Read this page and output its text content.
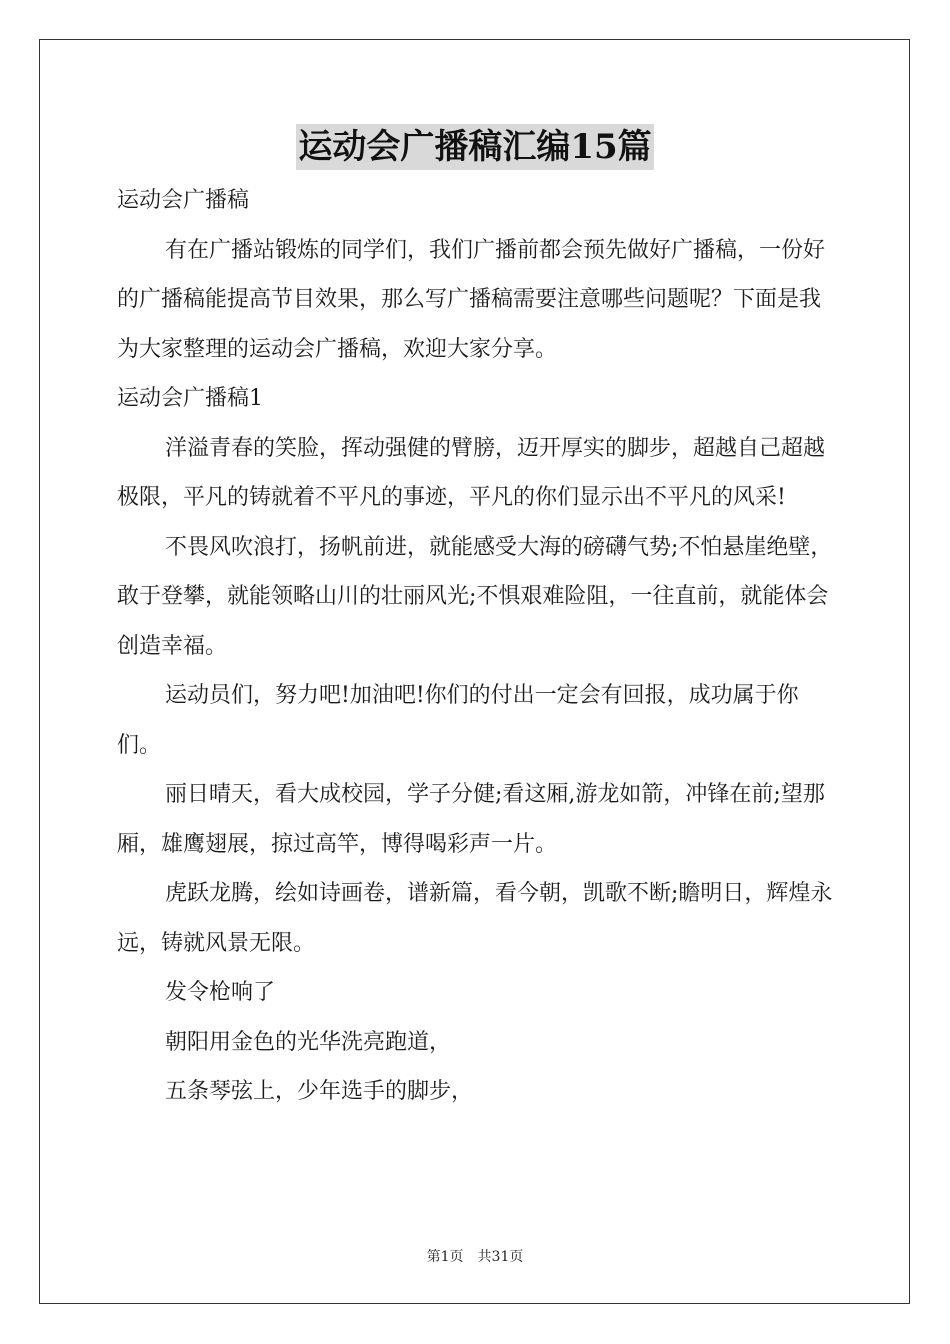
运动会广播稿汇编15篇

运动会广播稿

有在广播站锻炼的同学们，我们广播前都会预先做好广播稿，一份好的广播稿能提高节目效果，那么写广播稿需要注意哪些问题呢？下面是我为大家整理的运动会广播稿，欢迎大家分享。

运动会广播稿1

洋溢青春的笑脸，挥动强健的臂膀，迈开厚实的脚步，超越自己超越极限，平凡的铸就着不平凡的事迹，平凡的你们显示出不平凡的风采!

不畏风吹浪打，扬帆前进，就能感受大海的磅礴气势;不怕悬崖绝壁，敢于登攀，就能领略山川的壮丽风光;不惧艰难险阻，一往直前，就能体会创造幸福。

运动员们，努力吧!加油吧!你们的付出一定会有回报，成功属于你们。

丽日晴天，看大成校园，学子分健;看这厢,游龙如箭，冲锋在前;望那厢，雄鹰翅展，掠过高竿，博得喝彩声一片。

虎跃龙腾，绘如诗画卷，谱新篇，看今朝，凯歌不断;瞻明日，辉煌永远，铸就风景无限。

发令枪响了

朝阳用金色的光华洗亮跑道，

五条琴弦上，少年选手的脚步，

第1页　共31页
